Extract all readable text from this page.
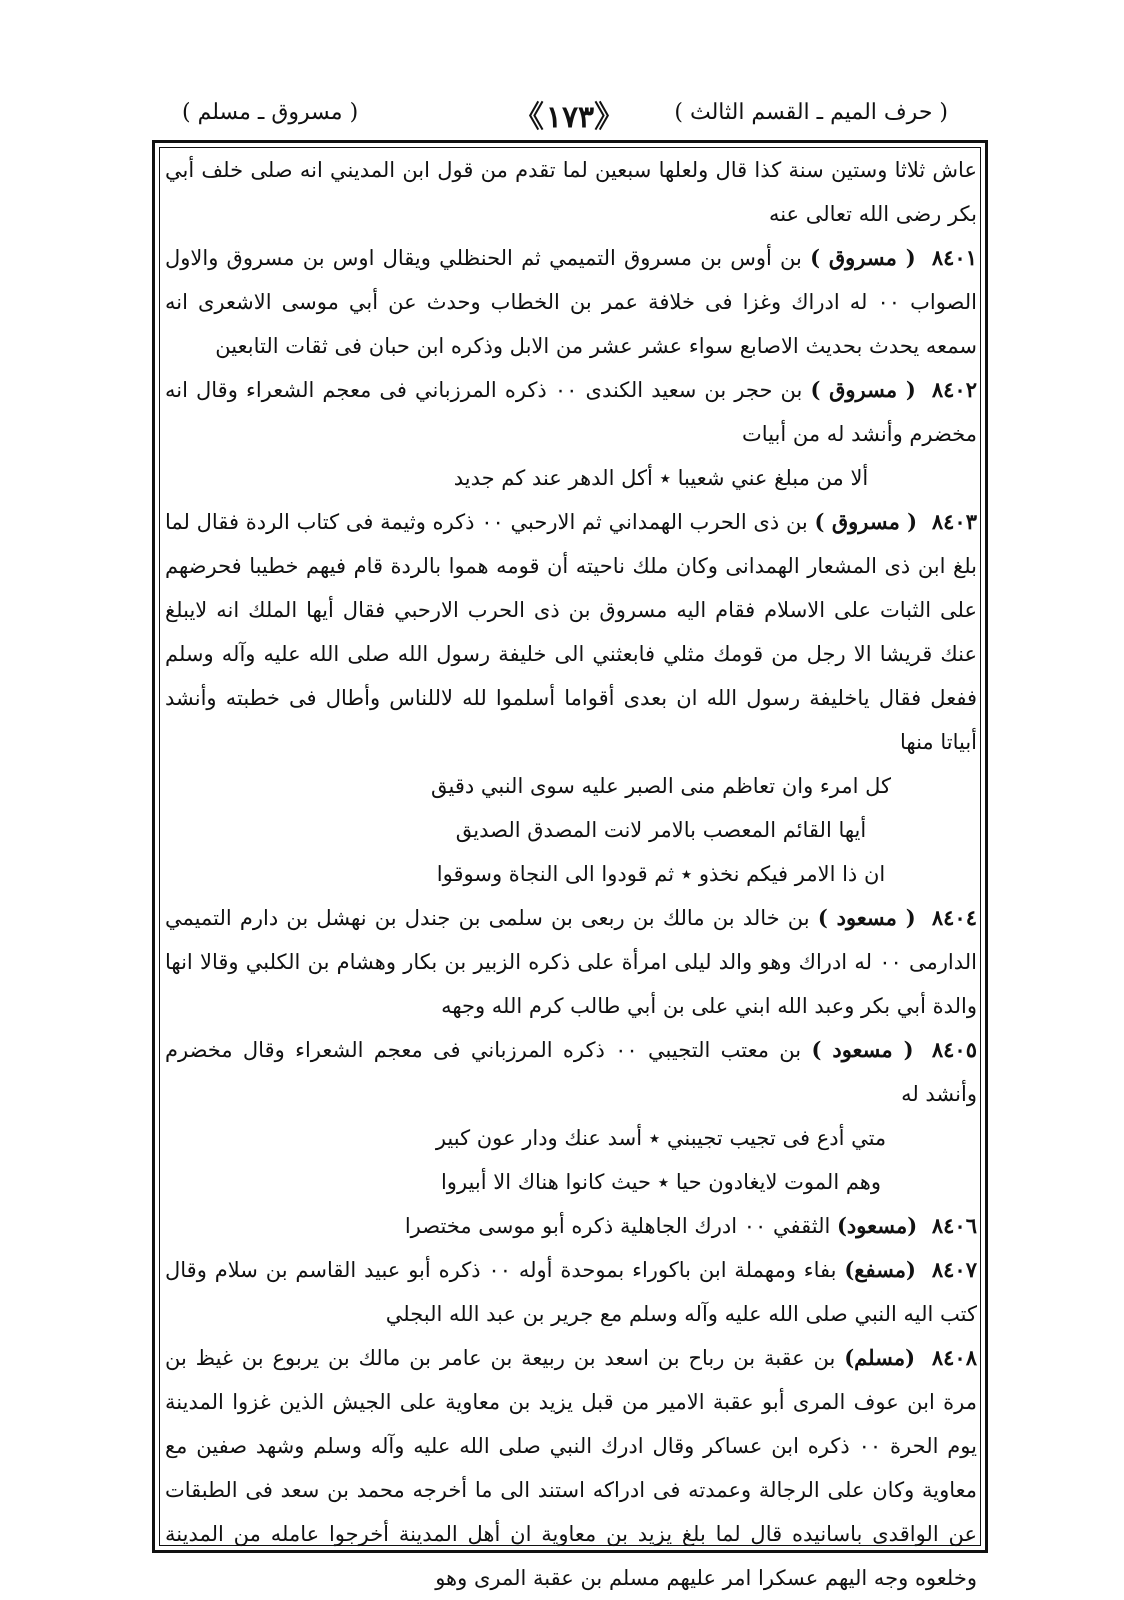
( حرف الميم ـ القسم الثالث )
《١٧٣》
( مسروق ـ مسلم )

عاش ثلاثا وستين سنة كذا قال ولعلها سبعين لما تقدم من قول ابن المديني انه صلى خلف أبي بكر رضى الله تعالى عنه

٨٤٠١ ( مسروق ) بن أوس بن مسروق التميمي ثم الحنظلي ويقال اوس بن مسروق والاول الصواب ٠٠ له ادراك وغزا فى خلافة عمر بن الخطاب وحدث عن أبي موسى الاشعرى انه سمعه يحدث بحديث الاصابع سواء عشر عشر من الابل وذكره ابن حبان فى ثقات التابعين

٨٤٠٢ ( مسروق ) بن حجر بن سعيد الكندى ٠٠ ذكره المرزباني فى معجم الشعراء وقال انه مخضرم وأنشد له من أبيات

ألا من مبلغ عني شعيبا ٭ أكل الدهر عند كم جديد

٨٤٠٣ ( مسروق ) بن ذى الحرب الهمداني ثم الارحبي ٠٠ ذكره وثيمة فى كتاب الردة فقال لما بلغ ابن ذى المشعار الهمدانى وكان ملك ناحيته أن قومه هموا بالردة قام فيهم خطيبا فحرضهم على الثبات على الاسلام فقام اليه مسروق بن ذى الحرب الارحبي فقال أيها الملك انه لايبلغ عنك قريشا الا رجل من قومك مثلي فابعثني الى خليفة رسول الله صلى الله عليه وآله وسلم ففعل فقال ياخليفة رسول الله ان بعدى أقواما أسلموا لله لاللناس وأطال فى خطبته وأنشد أبياتا منها

كل امرء وان تعاظم منى الصبر عليه سوى النبي دقيق

أيها القائم المعصب بالامر لانت المصدق الصديق

ان ذا الامر فيكم نخذو ٭ ثم قودوا الى النجاة وسوقوا

٨٤٠٤ ( مسعود ) بن خالد بن مالك بن ربعى بن سلمى بن جندل بن نهشل بن دارم التميمي الدارمى ٠٠ له ادراك وهو والد ليلى امرأة على ذكره الزبير بن بكار وهشام بن الكلبي وقالا انها والدة أبي بكر وعبد الله ابني على بن أبي طالب كرم الله وجهه

٨٤٠٥ ( مسعود ) بن معتب التجيبي ٠٠ ذكره المرزباني فى معجم الشعراء وقال مخضرم وأنشد له

متي أدع فى تجيب تجيبني ٭ أسد عنك ودار عون كبير

وهم الموت لايغادون حيا ٭ حيث كانوا هناك الا أبيروا

٨٤٠٦ (مسعود) الثقفي ٠٠ ادرك الجاهلية ذكره أبو موسى مختصرا

٨٤٠٧ (مسفع) بفاء ومهملة ابن باكوراء بموحدة أوله ٠٠ ذكره أبو عبيد القاسم بن سلام وقال كتب اليه النبي صلى الله عليه وآله وسلم مع جرير بن عبد الله البجلي

٨٤٠٨ (مسلم) بن عقبة بن رباح بن اسعد بن ربيعة بن عامر بن مالك بن يربوع بن غيظ بن مرة ابن عوف المرى أبو عقبة الامير من قبل يزيد بن معاوية على الجيش الذين غزوا المدينة يوم الحرة ٠٠ ذكره ابن عساكر وقال ادرك النبي صلى الله عليه وآله وسلم وشهد صفين مع معاوية وكان على الرجالة وعمدته فى ادراكه استند الى ما أخرجه محمد بن سعد فى الطبقات عن الواقدى باسانيده قال لما بلغ يزيد بن معاوية ان أهل المدينة أخرجوا عامله من المدينة وخلعوه وجه اليهم عسكرا امر عليهم مسلم بن عقبة المرى وهو
